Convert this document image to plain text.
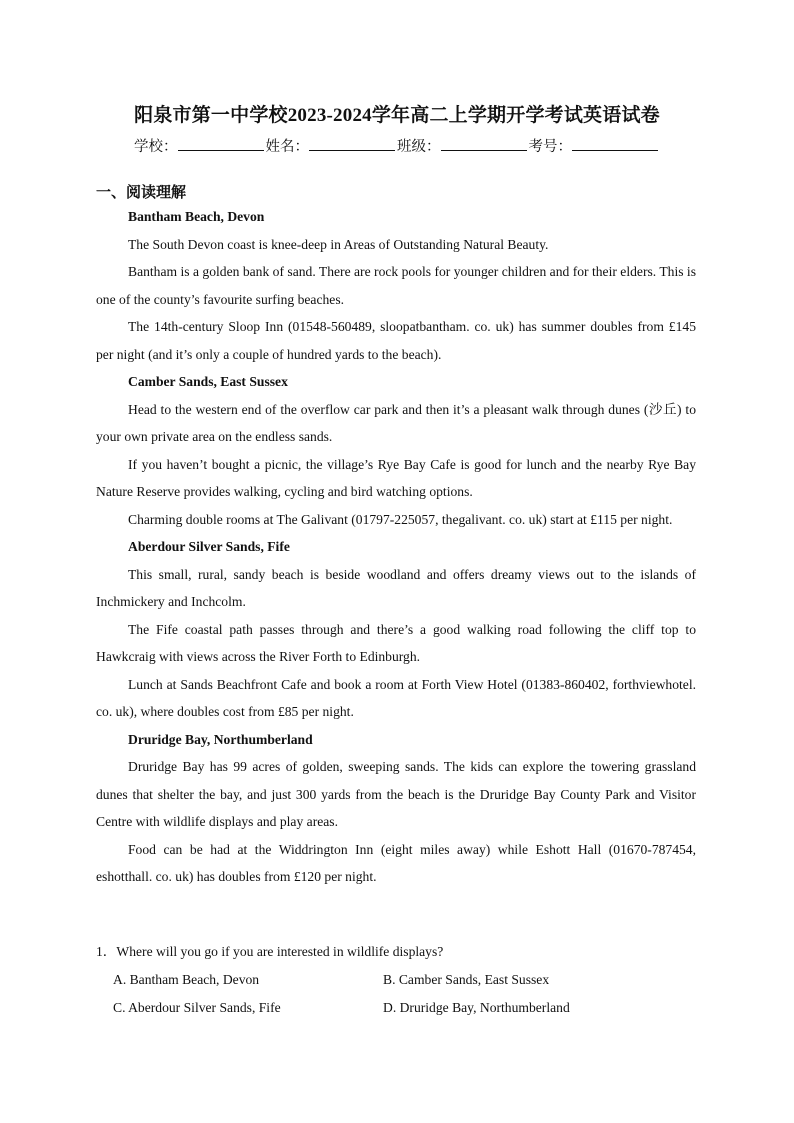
阳泉市第一中学校2023-2024学年高二上学期开学考试英语试卷
学校：	姓名：	班级：	考号：
一、阅读理解

Bantham Beach, Devon

The South Devon coast is knee-deep in Areas of Outstanding Natural Beauty.

Bantham is a golden bank of sand. There are rock pools for younger children and for their elders. This is one of the county’s favourite surfing beaches.

The 14th-century Sloop Inn (01548-560489, sloopatbantham. co. uk) has summer doubles from £145 per night (and it’s only a couple of hundred yards to the beach).

Camber Sands, East Sussex

Head to the western end of the overflow car park and then it’s a pleasant walk through dunes (沙丘) to your own private area on the endless sands.

If you haven’t bought a picnic, the village’s Rye Bay Cafe is good for lunch and the nearby Rye Bay Nature Reserve provides walking, cycling and bird watching options.

Charming double rooms at The Galivant (01797-225057, thegalivant. co. uk) start at £115 per night.

Aberdour Silver Sands, Fife

This small, rural, sandy beach is beside woodland and offers dreamy views out to the islands of Inchmickery and Inchcolm.

The Fife coastal path passes through and there’s a good walking road following the cliff top to Hawkcraig with views across the River Forth to Edinburgh.

Lunch at Sands Beachfront Cafe and book a room at Forth View Hotel (01383-860402, forthviewhotel. co. uk), where doubles cost from £85 per night.

Druridge Bay, Northumberland

Druridge Bay has 99 acres of golden, sweeping sands. The kids can explore the towering grassland dunes that shelter the bay, and just 300 yards from the beach is the Druridge Bay County Park and Visitor Centre with wildlife displays and play areas.

Food can be had at the Widdrington Inn (eight miles away) while Eshott Hall (01670-787454, eshotthall. co. uk) has doubles from £120 per night.

1．Where will you go if you are interested in wildlife displays?
A. Bantham Beach, Devon	B. Camber Sands, East Sussex
C. Aberdour Silver Sands, Fife	D. Druridge Bay, Northumberland
